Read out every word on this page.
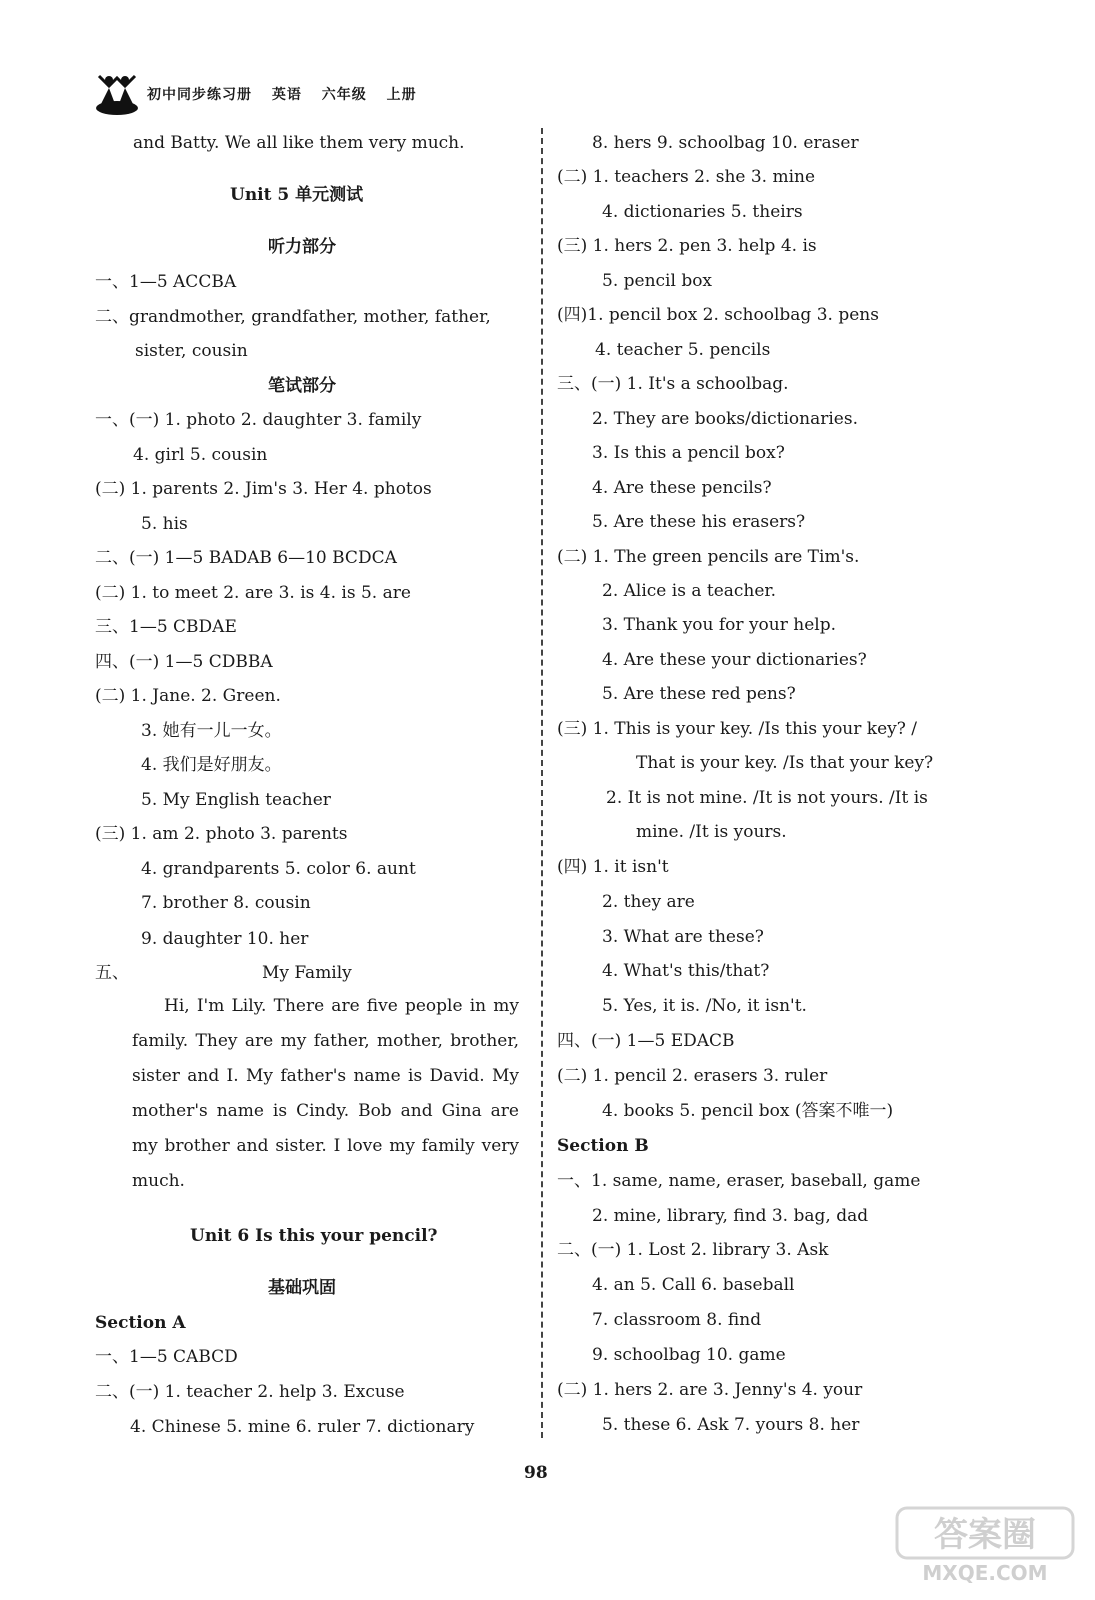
初中同步练习册 英语 六年级 上册
and Batty. We all like them very much.
Unit 5 单元测试
听力部分
一、1—5 ACCBA
二、grandmother, grandfather, mother, father,
sister, cousin
笔试部分
一、(一) 1. photo 2. daughter 3. family
4. girl 5. cousin
(二) 1. parents 2. Jim's 3. Her 4. photos
5. his
二、(一) 1—5 BADAB 6—10 BCDCA
(二) 1. to meet 2. are 3. is 4. is 5. are
三、1—5 CBDAE
四、(一) 1—5 CDBBA
(二) 1. Jane. 2. Green.
3. 她有一儿一女。
4. 我们是好朋友。
5. My English teacher
(三) 1. am 2. photo 3. parents
4. grandparents 5. color 6. aunt
7. brother 8. cousin
9. daughter 10. her
五、	My Family
Unit 6 Is this your pencil?
基础巩固
Section A
一、1—5 CABCD
二、(一) 1. teacher 2. help 3. Excuse
4. Chinese 5. mine 6. ruler 7. dictionary
8. hers 9. schoolbag 10. eraser
(二) 1. teachers 2. she 3. mine
4. dictionaries 5. theirs
(三) 1. hers 2. pen 3. help 4. is
5. pencil box
(四)1. pencil box 2. schoolbag 3. pens
4. teacher 5. pencils
三、(一) 1. It's a schoolbag.
2. They are books/dictionaries.
3. Is this a pencil box?
4. Are these pencils?
5. Are these his erasers?
(二) 1. The green pencils are Tim's.
2. Alice is a teacher.
3. Thank you for your help.
4. Are these your dictionaries?
5. Are these red pens?
(三) 1. This is your key. /Is this your key? /
That is your key. /Is that your key?
2. It is not mine. /It is not yours. /It is
mine. /It is yours.
(四) 1. it isn't
2. they are
3. What are these?
4. What's this/that?
5. Yes, it is. /No, it isn't.
四、(一) 1—5 EDACB
(二) 1. pencil 2. erasers 3. ruler
4. books 5. pencil box (答案不唯一)
Section B
一、1. same, name, eraser, baseball, game
2. mine, library, find 3. bag, dad
二、(一) 1. Lost 2. library 3. Ask
4. an 5. Call 6. baseball
7. classroom 8. find
9. schoolbag 10. game
(二) 1. hers 2. are 3. Jenny's 4. your
5. these 6. Ask 7. yours 8. her
Hi, I'm Lily. There are five people in my family. They are my father, mother, brother, sister and I. My father's name is David. My mother's name is Cindy. Bob and Gina are my brother and sister. I love my family very much.
98
答案圈
MXQE.COM
